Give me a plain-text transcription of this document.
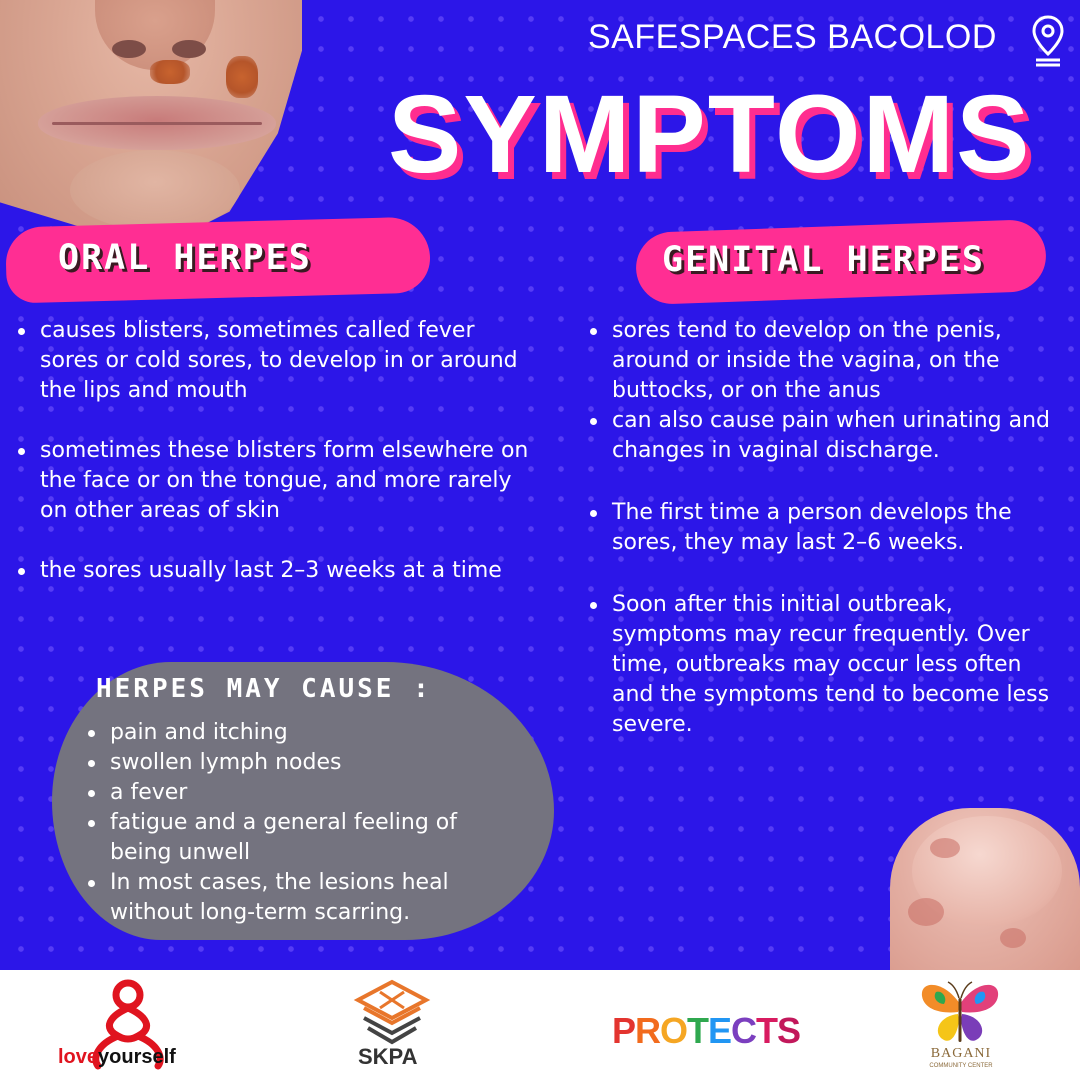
SAFESPACES BACOLOD
SYMPTOMS
ORAL HERPES	GENITAL HERPES
causes blisters, sometimes called fever sores or cold sores, to develop in or around the lips and mouth
sometimes these blisters form elsewhere on the face or on the tongue, and more rarely on other areas of skin
the sores usually last 2–3 weeks at a time
sores tend to develop on the penis, around or inside the vagina, on the buttocks, or on the anus
can also cause pain when urinating and changes in vaginal discharge.
The first time a person develops the sores, they may last 2–6 weeks.
Soon after this initial outbreak, symptoms may recur frequently. Over time, outbreaks may occur less often and the symptoms tend to become less severe.
HERPES MAY CAUSE :
pain and itching
swollen lymph nodes
a fever
fatigue and a general feeling of being unwell
In most cases, the lesions heal without long-term scarring.
loveyourself	SKPA
PROTECTS
BAGANI
COMMUNITY CENTER
